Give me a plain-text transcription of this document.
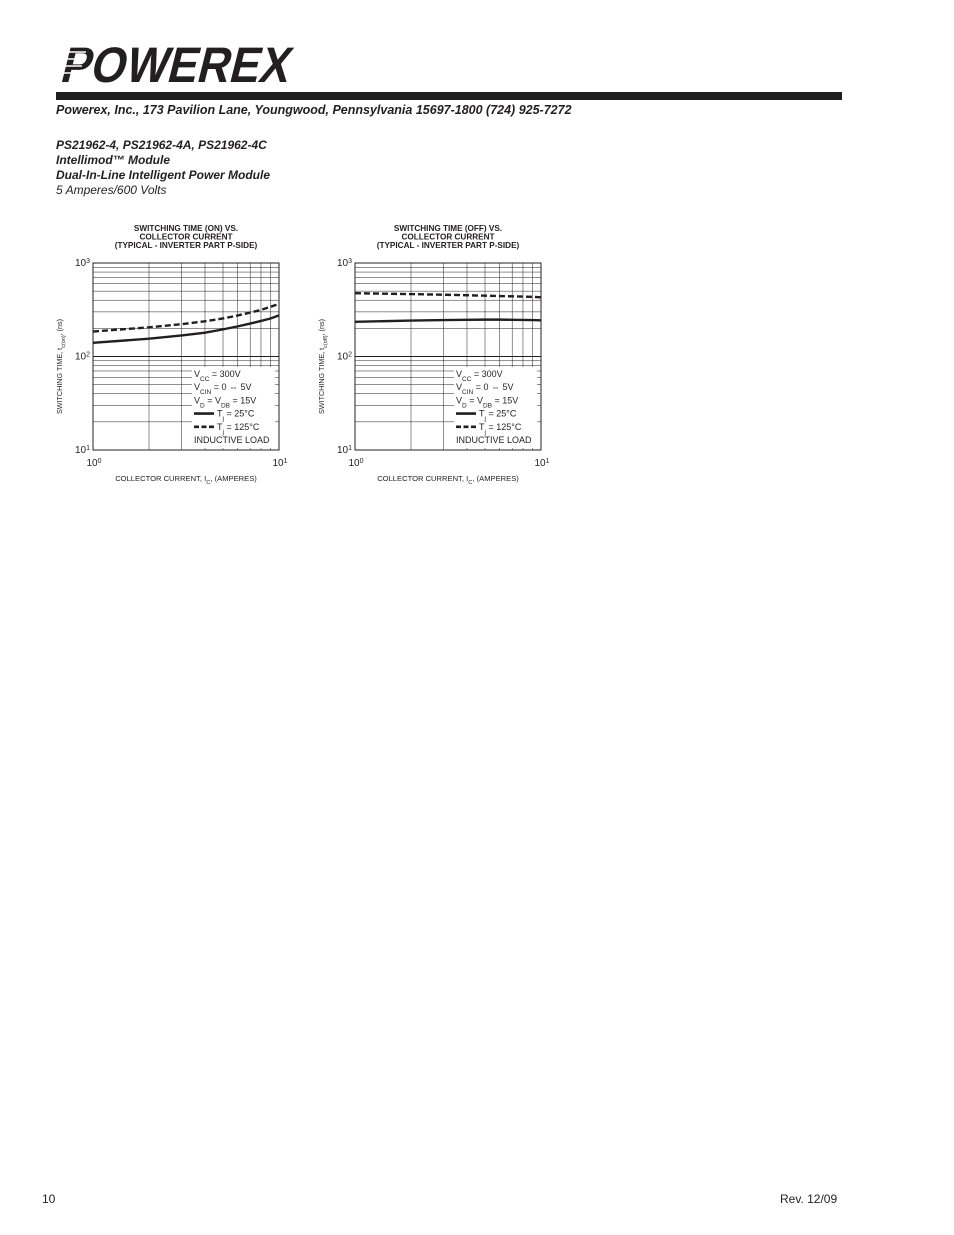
POWEREX
Powerex, Inc., 173 Pavilion Lane, Youngwood, Pennsylvania 15697-1800 (724) 925-7272
PS21962-4, PS21962-4A, PS21962-4C
Intellimod™ Module
Dual-In-Line Intelligent Power Module
5 Amperes/600 Volts
SWITCHING TIME (ON) VS.
COLLECTOR CURRENT
(TYPICAL - INVERTER PART P-SIDE)
$10^1$
$10^2$
$10^3$
$10^0$	$10^1$
SWITCHING TIME, $t_{c(on)}$, (ns)
COLLECTOR CURRENT, $I_C$, (AMPERES)
$V_{CC} = 300V$
$V_{CIN} = 0$ ⇔ 5V
$V_D = V_{DB} = 15V$
$T_j = 25^\circ C$
$T_j = 125^\circ C$
INDUCTIVE LOAD
SWITCHING TIME (OFF) VS.
COLLECTOR CURRENT
(TYPICAL - INVERTER PART P-SIDE)
$10^1$
$10^2$
$10^3$
$10^0$	$10^1$
SWITCHING TIME, $t_{c(off)}$, (ns)
COLLECTOR CURRENT, $I_C$, (AMPERES)
$V_{CC} = 300V$
$V_{CIN} = 0$ ⇔ 5V
$V_D = V_{DB} = 15V$
$T_j = 25^\circ C$
$T_j = 125^\circ C$
INDUCTIVE LOAD
10	Rev. 12/09
